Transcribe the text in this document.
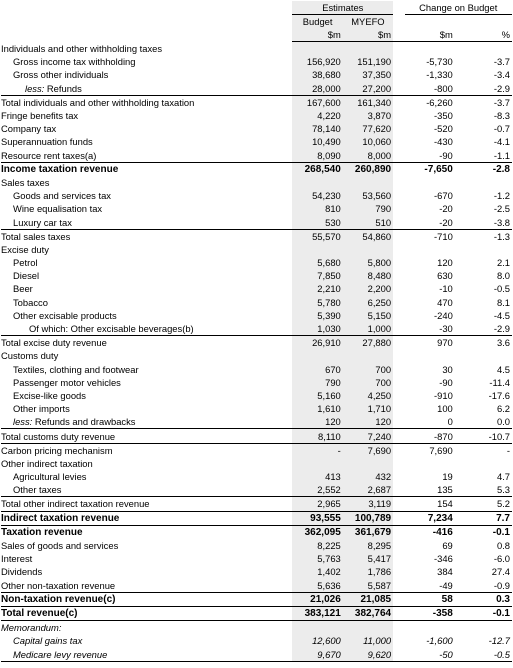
	Estimates			Change on Budget	
	Budget	MYEFO			
	$m	$m		$m	%
Individuals and other withholding taxes					
Gross income tax withholding	156,920	151,190		-5,730	-3.7
Gross other individuals	38,680	37,350		-1,330	-3.4
less: Refunds	28,000	27,200		-800	-2.9
Total individuals and other withholding taxation	167,600	161,340		-6,260	-3.7
Fringe benefits tax	4,220	3,870		-350	-8.3
Company tax	78,140	77,620		-520	-0.7
Superannuation funds	10,490	10,060		-430	-4.1
Resource rent taxes(a)	8,090	8,000		-90	-1.1
Income taxation revenue	268,540	260,890		-7,650	-2.8
Sales taxes					
Goods and services tax	54,230	53,560		-670	-1.2
Wine equalisation tax	810	790		-20	-2.5
Luxury car tax	530	510		-20	-3.8
Total sales taxes	55,570	54,860		-710	-1.3
Excise duty					
Petrol	5,680	5,800		120	2.1
Diesel	7,850	8,480		630	8.0
Beer	2,210	2,200		-10	-0.5
Tobacco	5,780	6,250		470	8.1
Other excisable products	5,390	5,150		-240	-4.5
Of which: Other excisable beverages(b)	1,030	1,000		-30	-2.9
Total excise duty revenue	26,910	27,880		970	3.6
Customs duty					
Textiles, clothing and footwear	670	700		30	4.5
Passenger motor vehicles	790	700		-90	-11.4
Excise-like goods	5,160	4,250		-910	-17.6
Other imports	1,610	1,710		100	6.2
less: Refunds and drawbacks	120	120		0	0.0
Total customs duty revenue	8,110	7,240		-870	-10.7
Carbon pricing mechanism	-	7,690		7,690	-
Other indirect taxation					
Agricultural levies	413	432		19	4.7
Other taxes	2,552	2,687		135	5.3
Total other indirect taxation revenue	2,965	3,119		154	5.2
Indirect taxation revenue	93,555	100,789		7,234	7.7
Taxation revenue	362,095	361,679		-416	-0.1
Sales of goods and services	8,225	8,295		69	0.8
Interest	5,763	5,417		-346	-6.0
Dividends	1,402	1,786		384	27.4
Other non-taxation revenue	5,636	5,587		-49	-0.9
Non-taxation revenue(c)	21,026	21,085		58	0.3
Total revenue(c)	383,121	382,764		-358	-0.1
Memorandum:					
Capital gains tax	12,600	11,000		-1,600	-12.7
Medicare levy revenue	9,670	9,620		-50	-0.5
